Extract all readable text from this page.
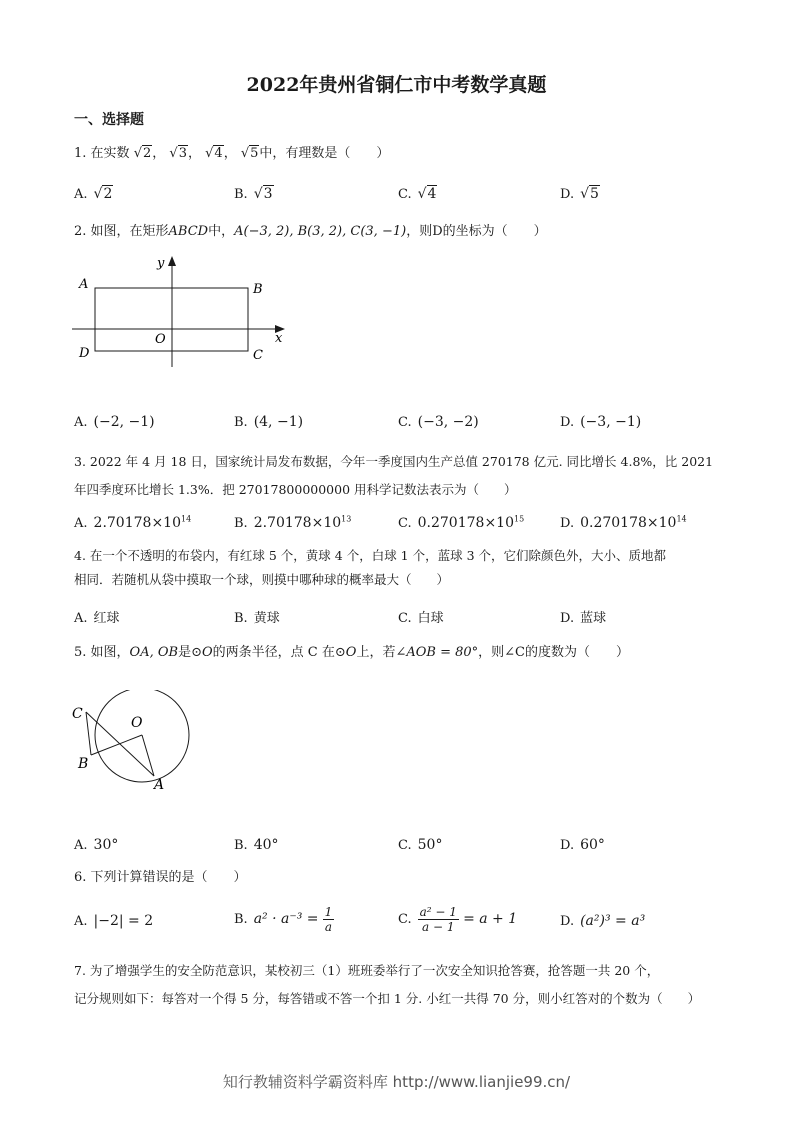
2022年贵州省铜仁市中考数学真题
一、选择题
1. 在实数 √2， √3， √4， √5中，有理数是（　　）
A. √2	B. √3	C. √4	D. √5
2. 如图，在矩形ABCD中，A(−3, 2), B(3, 2), C(3, −1)，则D的坐标为（　　）
A	B
C
D
O	x
y
A. (−2, −1)	B. (4, −1)	C. (−3, −2)	D. (−3, −1)
3. 2022 年 4 月 18 日，国家统计局发布数据，今年一季度国内生产总值 270178 亿元. 同比增长 4.8%，比 2021
年四季度环比增长 1.3%．把 27017800000000 用科学记数法表示为（　　）
A. $2.70178\times 10^{14}$	B. $2.70178\times 10^{13}$	C. $0.270178\times 10^{15}$	D. $0.270178\times 10^{14}$
4. 在一个不透明的布袋内，有红球 5 个，黄球 4 个，白球 1 个，蓝球 3 个，它们除颜色外，大小、质地都
相同．若随机从袋中摸取一个球，则摸中哪种球的概率最大（　　）
A. 红球	B. 黄球	C. 白球	D. 蓝球
5. 如图，OA, OB是⊙O的两条半径，点 C 在⊙O上，若∠AOB = 80°，则∠C的度数为（　　）
C
O
B
A
A. 30°	B. 40°	C. 50°	D. 60°
6. 下列计算错误的是（　　）
A. |−2| = 2	B. $a^2 \cdot a^{-3} = \frac{1}{a}$	C. $\frac{\text{a² − 1}}{a - 1} = a + 1$	D. (a²)³ = a³
7. 为了增强学生的安全防范意识，某校初三（1）班班委举行了一次安全知识抢答赛，抢答题一共 20 个，
记分规则如下：每答对一个得 5 分，每答错或不答一个扣 1 分. 小红一共得 70 分，则小红答对的个数为（　　）
知行教辅资料学霸资料库 http://www.lianjie99.cn/
